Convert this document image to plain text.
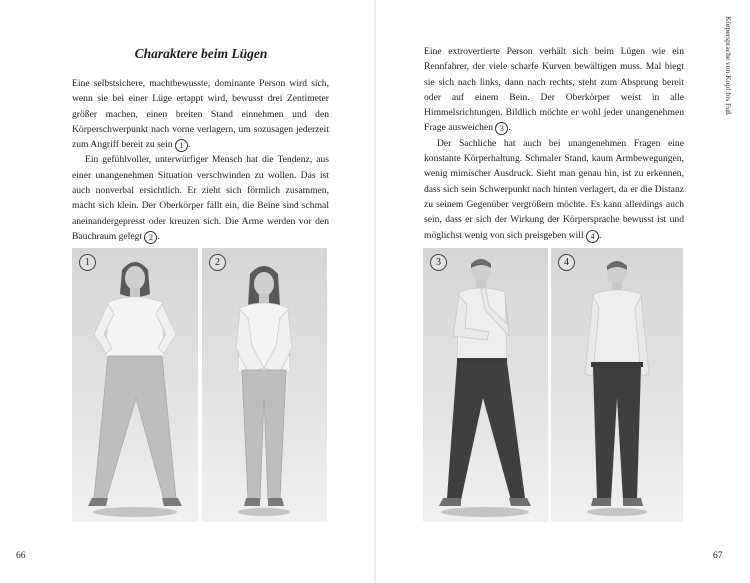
Charaktere beim Lügen

Eine selbstsichere, machtbewusste, dominante Person wird sich, wenn sie bei einer Lüge ertappt wird, bewusst drei Zentimeter größer machen, einen breiten Stand einnehmen und den Körperschwerpunkt nach vorne verlagern, um sozusagen jederzeit zum Angriff bereit zu sein 1 .

Ein gefühlvoller, unterwürfiger Mensch hat die Tendenz, aus einer unangenehmen Situation verschwinden zu wollen. Das ist auch nonverbal ersichtlich. Er zieht sich förmlich zusammen, macht sich klein. Der Oberkörper fällt ein, die Beine sind schmal aneinandergepresst oder kreuzen sich. Die Arme werden vor den Bauchraum gelegt 2 .

1	2
66

Eine extrovertierte Person verhält sich beim Lügen wie ein Rennfahrer, der viele scharfe Kurven bewältigen muss. Mal biegt sie sich nach links, dann nach rechts, steht zum Absprung bereit oder auf einem Bein. Der Oberkörper weist in alle Himmelsrichtungen. Bildlich möchte er wohl jeder unangenehmen Frage ausweichen 3 .

Der Sachliche hat auch bei unangenehmen Fragen eine konstante Körperhaltung. Schmaler Stand, kaum Armbewegungen, wenig mimischer Ausdruck. Sieht man genau hin, ist zu erkennen, dass sich sein Schwerpunkt nach hinten verlagert, da er die Distanz zu seinem Gegenüber vergrößern möchte. Es kann allerdings auch sein, dass er sich der Wirkung der Körpersprache bewusst ist und möglichst wenig von sich preisgeben will 4 .

3	4
Körpersprache von Kopf bis Fuß
67
